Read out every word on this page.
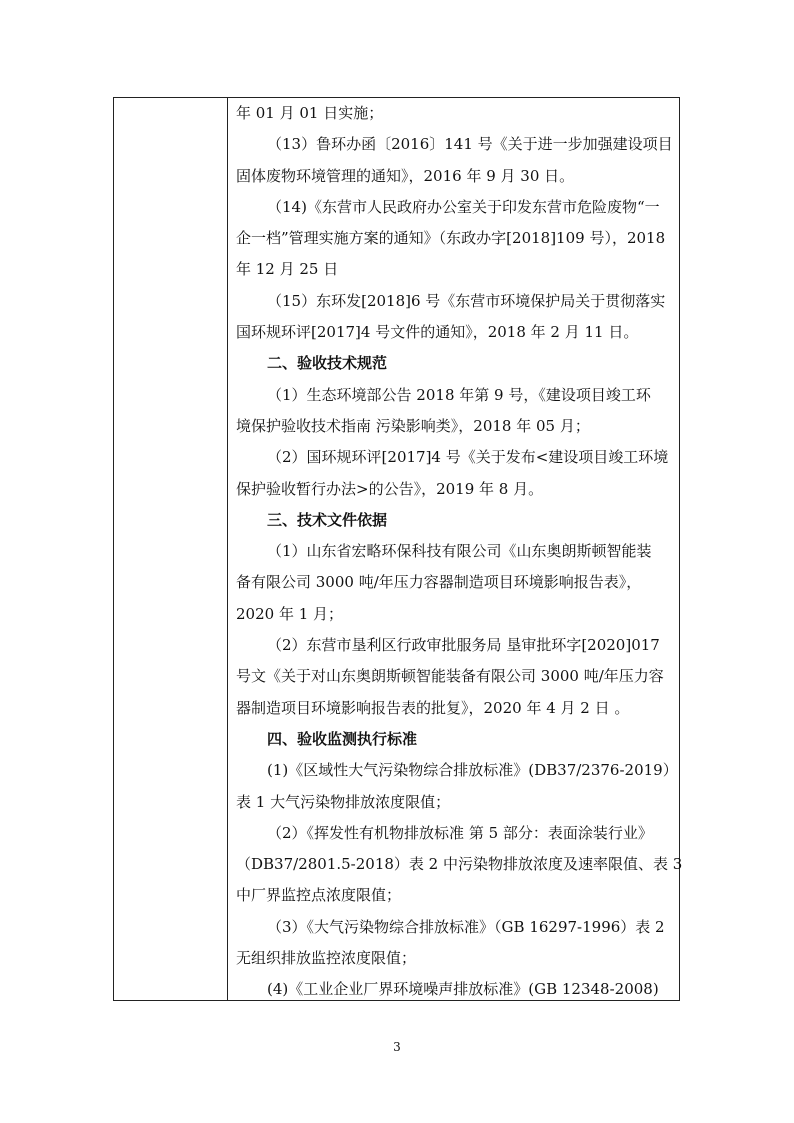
年 01 月 01 日实施；
（13）鲁环办函〔2016〕141 号《关于进一步加强建设项目
固体废物环境管理的通知》，2016 年 9 月 30 日。
（14)《东营市人民政府办公室关于印发东营市危险废物“一
企一档”管理实施方案的通知》（东政办字[2018]109 号），2018
年 12 月 25 日
（15）东环发[2018]6 号《东营市环境保护局关于贯彻落实
国环规环评[2017]4 号文件的通知》，2018 年 2 月 11 日。
二、验收技术规范
（1）生态环境部公告 2018 年第 9 号，《建设项目竣工环
境保护验收技术指南 污染影响类》，2018 年 05 月；
（2）国环规环评[2017]4 号《关于发布<建设项目竣工环境
保护验收暂行办法>的公告》，2019 年 8 月。
三、技术文件依据
（1）山东省宏略环保科技有限公司《山东奥朗斯顿智能装
备有限公司 3000 吨/年压力容器制造项目环境影响报告表》，
2020 年 1 月；
（2）东营市垦利区行政审批服务局 垦审批环字[2020]017
号文《关于对山东奥朗斯顿智能装备有限公司 3000 吨/年压力容
器制造项目环境影响报告表的批复》，2020 年 4 月 2 日 。
四、验收监测执行标准
(1)《区域性大气污染物综合排放标准》(DB37/2376-2019）
表 1 大气污染物排放浓度限值；
（2）《挥发性有机物排放标准 第 5 部分：表面涂装行业》
（DB37/2801.5-2018）表 2 中污染物排放浓度及速率限值、表 3
中厂界监控点浓度限值；
（3）《大气污染物综合排放标准》（GB 16297-1996）表 2
无组织排放监控浓度限值；
(4)《工业企业厂界环境噪声排放标准》(GB 12348-2008)
3
